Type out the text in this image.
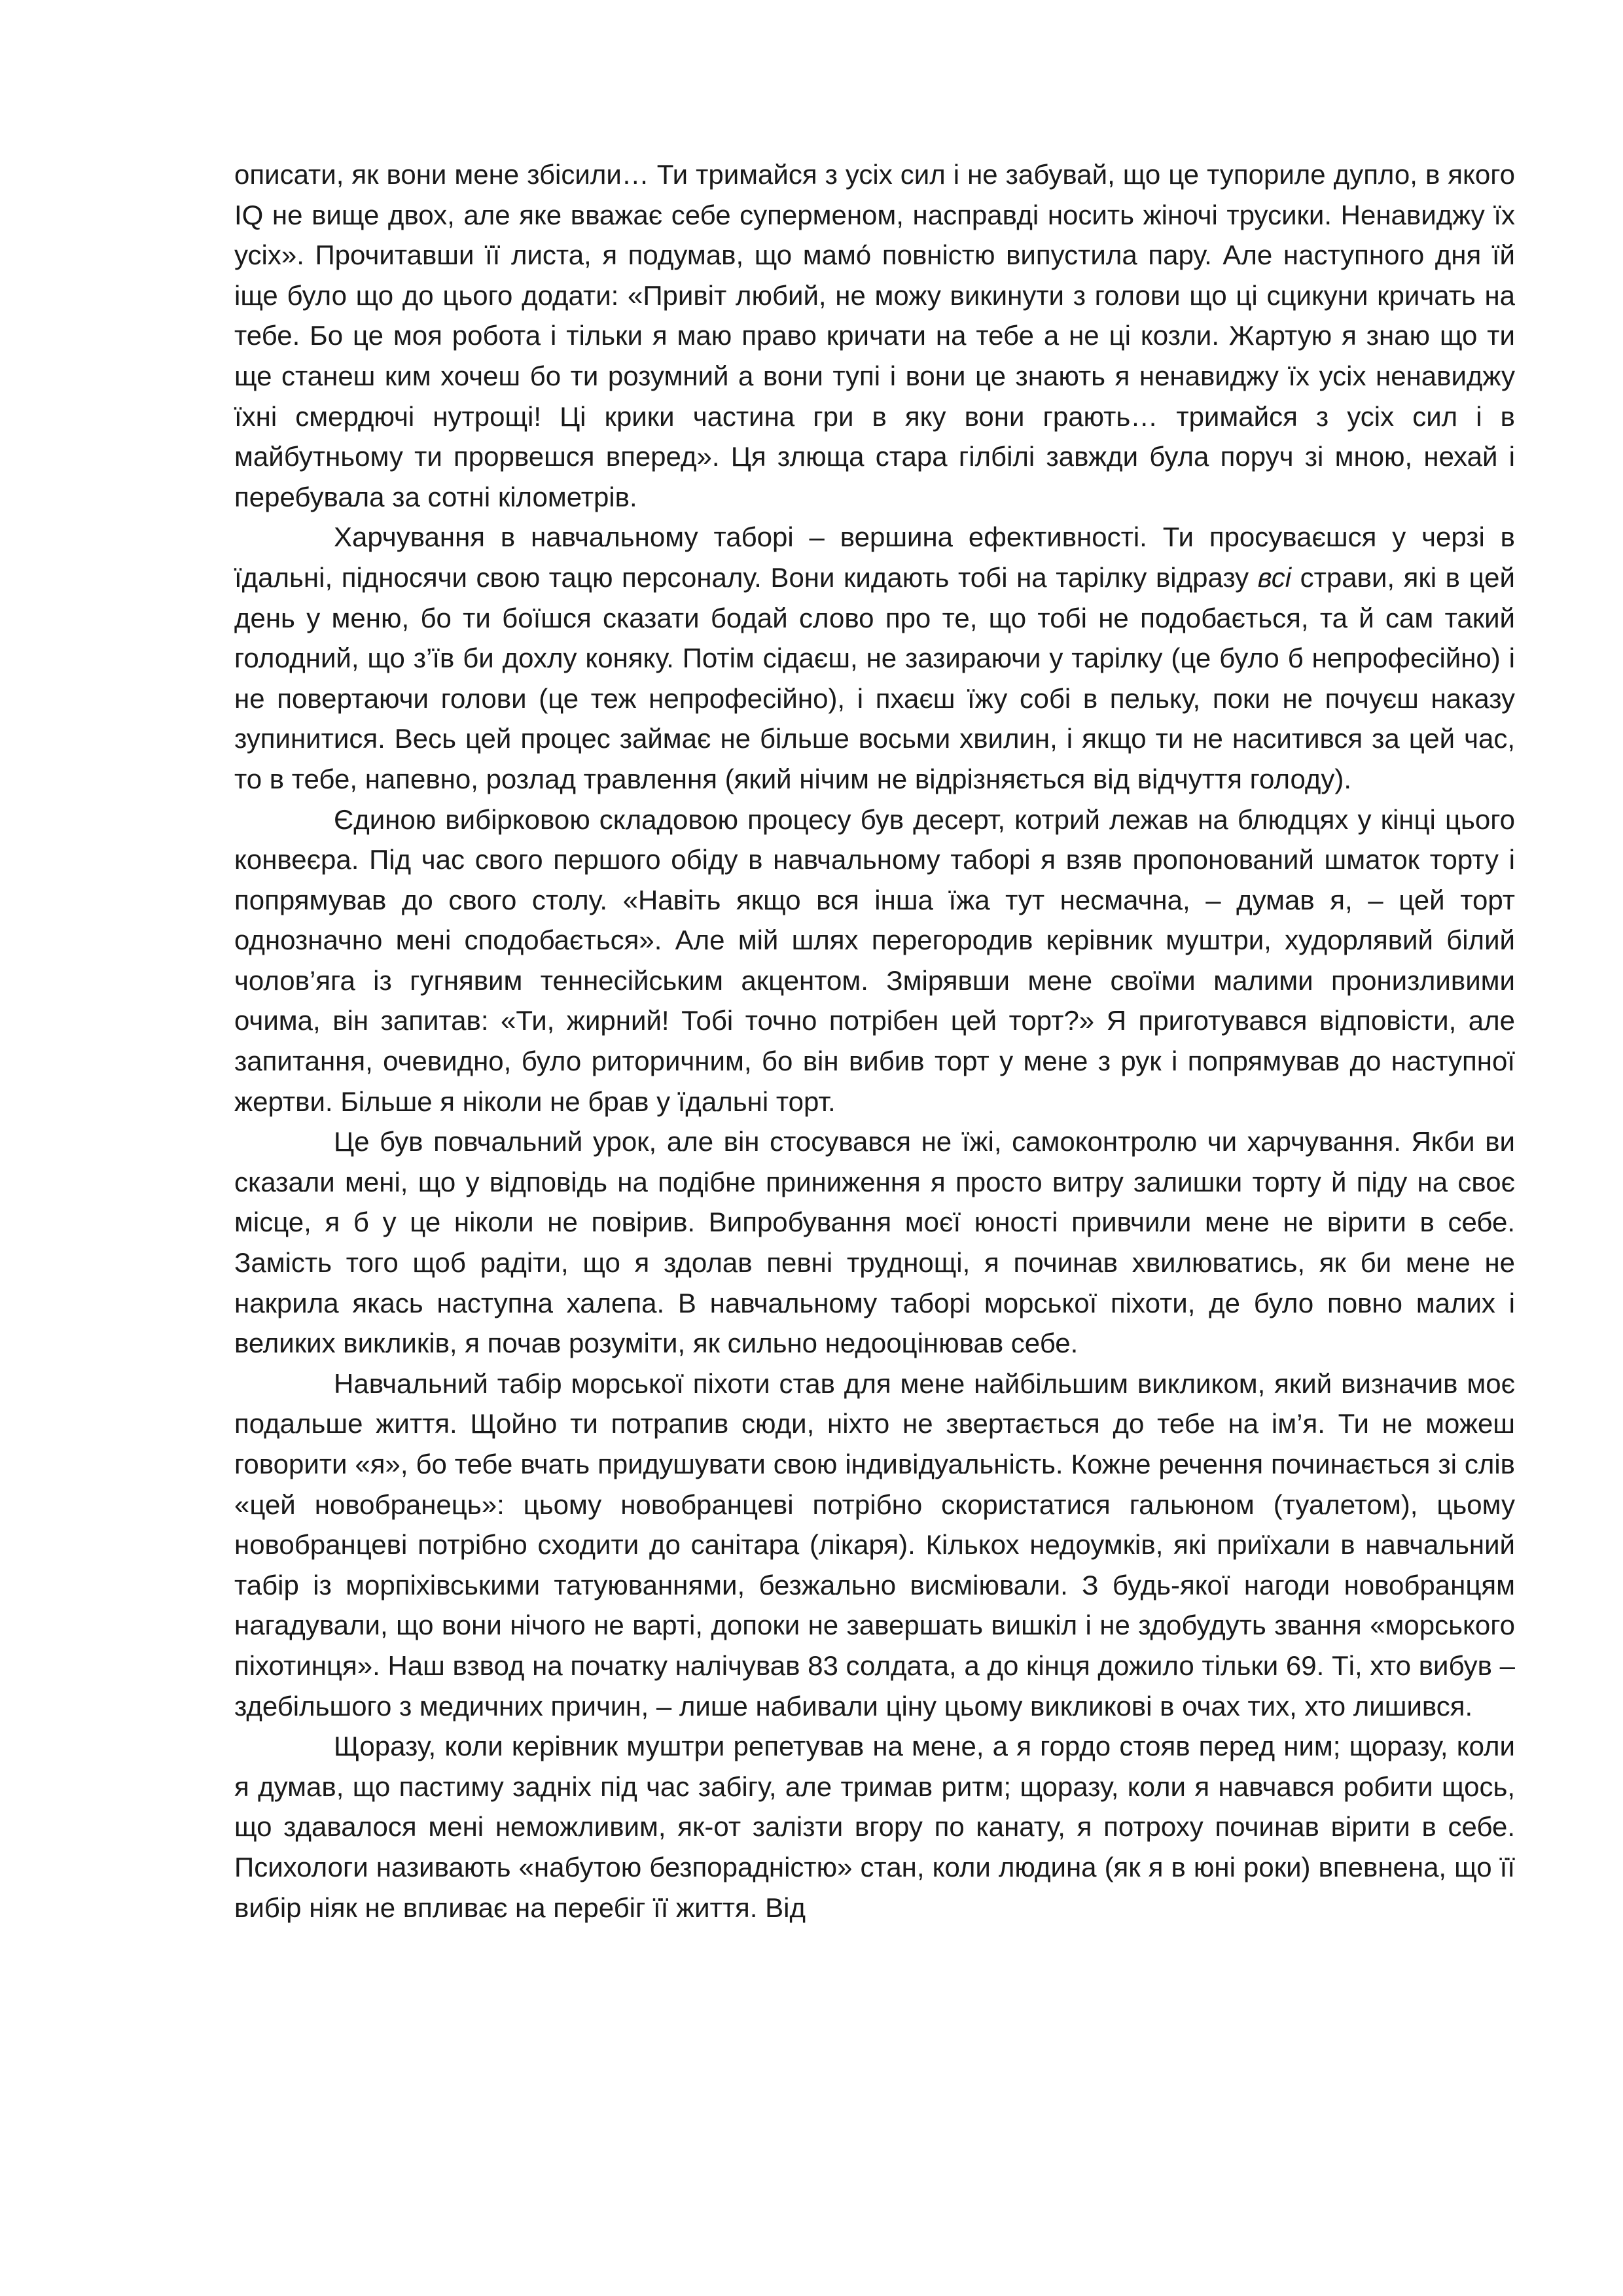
описати, як вони мене збісили… Ти тримайся з усіх сил і не забувай, що це тупориле дупло, в якого IQ не вище двох, але яке вважає себе суперменом, насправді носить жіночі трусики. Ненавиджу їх усіх». Прочитавши її листа, я подумав, що мамо́ повністю випустила пару. Але наступного дня їй іще було що до цього додати: «Привіт любий, не можу викинути з голови що ці сцикуни кричать на тебе. Бо це моя робота і тільки я маю право кричати на тебе а не ці козли. Жартую я знаю що ти ще станеш ким хочеш бо ти розумний а вони тупі і вони це знають я ненавиджу їх усіх ненавиджу їхні смердючі нутрощі! Ці крики частина гри в яку вони грають… тримайся з усіх сил і в майбутньому ти прорвешся вперед». Ця злюща стара гілбілі завжди була поруч зі мною, нехай і перебувала за сотні кілометрів.

Харчування в навчальному таборі – вершина ефективності. Ти просуваєшся у черзі в їдальні, підносячи свою тацю персоналу. Вони кидають тобі на тарілку відразу всі страви, які в цей день у меню, бо ти боїшся сказати бодай слово про те, що тобі не подобається, та й сам такий голодний, що з’їв би дохлу коняку. Потім сідаєш, не зазираючи у тарілку (це було б непрофесійно) і не повертаючи голови (це теж непрофесійно), і пхаєш їжу собі в пельку, поки не почуєш наказу зупинитися. Весь цей процес займає не більше восьми хвилин, і якщо ти не наситився за цей час, то в тебе, напевно, розлад травлення (який нічим не відрізняється від відчуття голоду).

Єдиною вибірковою складовою процесу був десерт, котрий лежав на блюдцях у кінці цього конвеєра. Під час свого першого обіду в навчальному таборі я взяв пропонований шматок торту і попрямував до свого столу. «Навіть якщо вся інша їжа тут несмачна, – думав я, – цей торт однозначно мені сподобається». Але мій шлях перегородив керівник муштри, худорлявий білий чолов’яга із гугнявим теннесійським акцентом. Змірявши мене своїми малими пронизливими очима, він запитав: «Ти, жирний! Тобі точно потрібен цей торт?» Я приготувався відповісти, але запитання, очевидно, було риторичним, бо він вибив торт у мене з рук і попрямував до наступної жертви. Більше я ніколи не брав у їдальні торт.

Це був повчальний урок, але він стосувався не їжі, самоконтролю чи харчування. Якби ви сказали мені, що у відповідь на подібне приниження я просто витру залишки торту й піду на своє місце, я б у це ніколи не повірив. Випробування моєї юності привчили мене не вірити в себе. Замість того щоб радіти, що я здолав певні труднощі, я починав хвилюватись, як би мене не накрила якась наступна халепа. В навчальному таборі морської піхоти, де було повно малих і великих викликів, я почав розуміти, як сильно недооцінював себе.

Навчальний табір морської піхоти став для мене найбільшим викликом, який визначив моє подальше життя. Щойно ти потрапив сюди, ніхто не звертається до тебе на ім’я. Ти не можеш говорити «я», бо тебе вчать придушувати свою індивідуальність. Кожне речення починається зі слів «цей новобранець»: цьому новобранцеві потрібно скористатися гальюном (туалетом), цьому новобранцеві потрібно сходити до санітара (лікаря). Кількох недоумків, які приїхали в навчальний табір із морпіхівськими татуюваннями, безжально висміювали. З будь-якої нагоди новобранцям нагадували, що вони нічого не варті, допоки не завершать вишкіл і не здобудуть звання «морського піхотинця». Наш взвод на початку налічував 83 солдата, а до кінця дожило тільки 69. Ті, хто вибув – здебільшого з медичних причин, – лише набивали ціну цьому викликові в очах тих, хто лишився.

Щоразу, коли керівник муштри репетував на мене, а я гордо стояв перед ним; щоразу, коли я думав, що пастиму задніх під час забігу, але тримав ритм; щоразу, коли я навчався робити щось, що здавалося мені неможливим, як-от залізти вгору по канату, я потроху починав вірити в себе. Психологи називають «набутою безпорадністю» стан, коли людина (як я в юні роки) впевнена, що її вибір ніяк не впливає на перебіг її життя. Від
